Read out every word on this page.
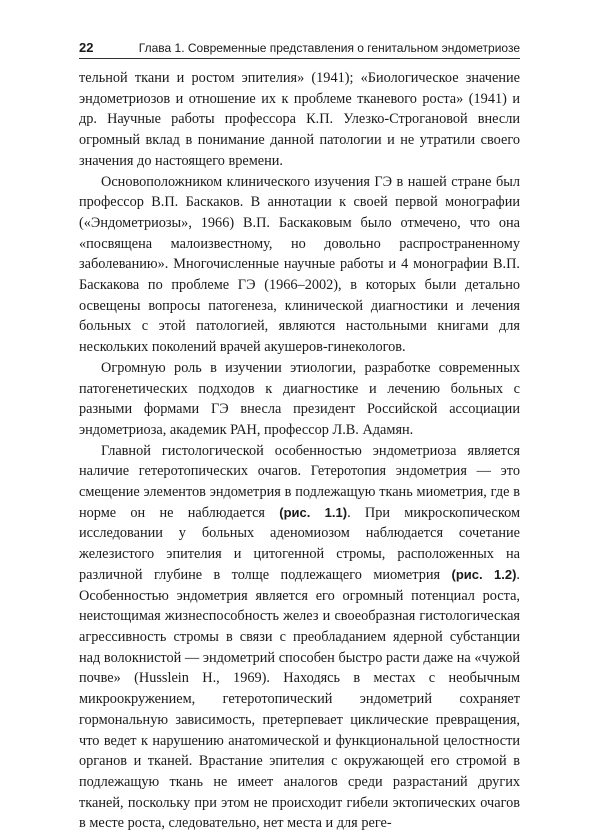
22	Глава 1. Современные представления о генитальном эндометриозе

тельной ткани и ростом эпителия» (1941); «Биологическое значение эндометриозов и отношение их к проблеме тканевого роста» (1941) и др. Научные работы профессора К.П. Улезко-Строгановой внесли огромный вклад в понимание данной патологии и не утратили своего значения до настоящего времени.

Основоположником клинического изучения ГЭ в нашей стране был профессор В.П. Баскаков. В аннотации к своей первой монографии («Эндометриозы», 1966) В.П. Баскаковым было отмечено, что она «посвящена малоизвестному, но довольно распространенному заболеванию». Многочисленные научные работы и 4 монографии В.П. Баскакова по проблеме ГЭ (1966–2002), в которых были детально освещены вопросы патогенеза, клинической диагностики и лечения больных с этой патологией, являются настольными книгами для нескольких поколений врачей акушеров-гинекологов.

Огромную роль в изучении этиологии, разработке современных патогенетических подходов к диагностике и лечению больных с разными формами ГЭ внесла президент Российской ассоциации эндометриоза, академик РАН, профессор Л.В. Адамян.

Главной гистологической особенностью эндометриоза является наличие гетеротопических очагов. Гетеротопия эндометрия — это смещение элементов эндометрия в подлежащую ткань миометрия, где в норме он не наблюдается (рис. 1.1). При микроскопическом исследовании у больных аденомиозом наблюдается сочетание железистого эпителия и цитогенной стромы, расположенных на различной глубине в толще подлежащего миометрия (рис. 1.2). Особенностью эндометрия является его огромный потенциал роста, неистощимая жизнеспособность желез и своеобразная гистологическая агрессивность стромы в связи с преобладанием ядерной субстанции над волокнистой — эндометрий способен быстро расти даже на «чужой почве» (Husslein H., 1969). Находясь в местах с необычным микроокружением, гетеротопический эндометрий сохраняет гормональную зависимость, претерпевает циклические превращения, что ведет к нарушению анатомической и функциональной целостности органов и тканей. Врастание эпителия с окружающей его стромой в подлежащую ткань не имеет аналогов среди разрастаний других тканей, поскольку при этом не происходит гибели эктопических очагов в месте роста, следовательно, нет места и для реге-
